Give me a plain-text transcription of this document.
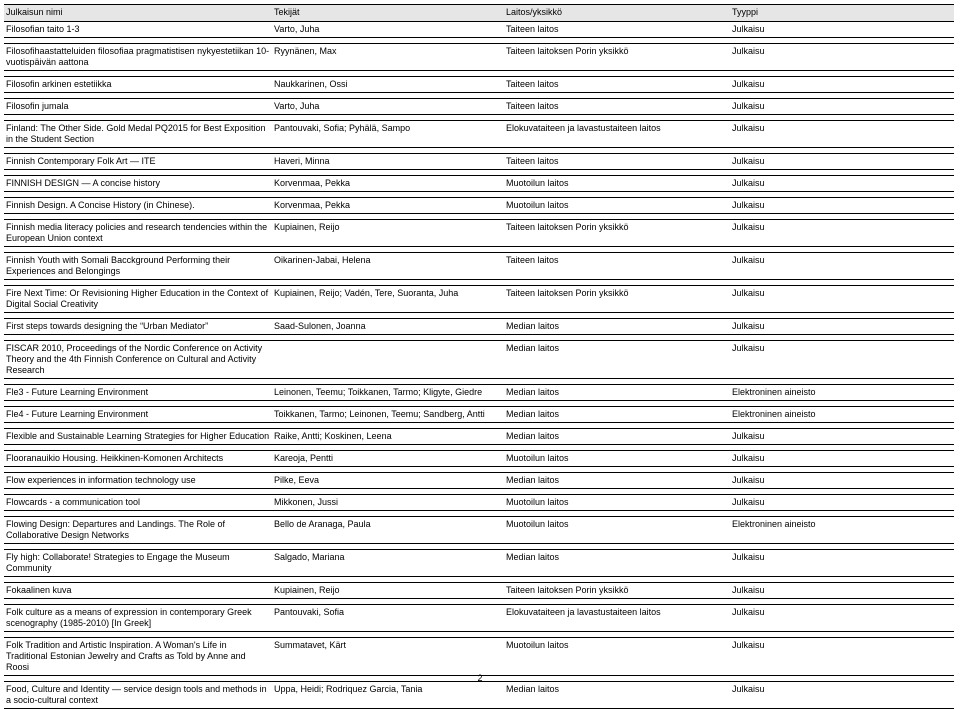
Julkaisun nimi	Tekijät	Laitos/yksikkö	Tyyppi
Filosofian taito 1-3	Varto, Juha	Taiteen laitos	Julkaisu

Filosofihaastatteluiden filosofiaa pragmatistisen nykyestetiikan 10-vuotispäivän aattona	Ryynänen, Max	Taiteen laitoksen Porin yksikkö	Julkaisu

Filosofin arkinen estetiikka	Naukkarinen, Ossi	Taiteen laitos	Julkaisu

Filosofin jumala	Varto, Juha	Taiteen laitos	Julkaisu

Finland: The Other Side. Gold Medal PQ2015 for Best Exposition in the Student Section	Pantouvaki, Sofia; Pyhälä, Sampo	Elokuvataiteen ja lavastustaiteen laitos	Julkaisu

Finnish Contemporary Folk Art ― ITE	Haveri, Minna	Taiteen laitos	Julkaisu

FINNISH DESIGN ― A concise history	Korvenmaa, Pekka	Muotoilun laitos	Julkaisu

Finnish Design. A Concise History (in Chinese).	Korvenmaa, Pekka	Muotoilun laitos	Julkaisu

Finnish media literacy policies and research tendencies within the European Union context	Kupiainen, Reijo	Taiteen laitoksen Porin yksikkö	Julkaisu

Finnish Youth with Somali Bacckground Performing their Experiences and Belongings	Oikarinen-Jabai, Helena	Taiteen laitos	Julkaisu

Fire Next Time: Or Revisioning Higher Education in the Context of Digital Social Creativity	Kupiainen, Reijo; Vadén, Tere, Suoranta, Juha	Taiteen laitoksen Porin yksikkö	Julkaisu

First steps towards designing the “Urban Mediator”	Saad-Sulonen, Joanna	Median laitos	Julkaisu

FISCAR 2010, Proceedings of the Nordic Conference on Activity Theory and the 4th Finnish Conference on Cultural and Activity Research		Median laitos	Julkaisu

Fle3 - Future Learning Environment	Leinonen, Teemu; Toikkanen, Tarmo; Kligyte, Giedre	Median laitos	Elektroninen aineisto

Fle4 - Future Learning Environment	Toikkanen, Tarmo; Leinonen, Teemu; Sandberg, Antti	Median laitos	Elektroninen aineisto

Flexible and Sustainable Learning Strategies for Higher Education	Raike, Antti; Koskinen, Leena	Median laitos	Julkaisu

Flooranauikio Housing. Heikkinen-Komonen Architects	Kareoja, Pentti	Muotoilun laitos	Julkaisu

Flow experiences in information technology use	Pilke, Eeva	Median laitos	Julkaisu

Flowcards - a communication tool	Mikkonen, Jussi	Muotoilun laitos	Julkaisu

Flowing Design: Departures and Landings. The Role of Collaborative Design Networks	Bello de Aranaga, Paula	Muotoilun laitos	Elektroninen aineisto

Fly high: Collaborate! Strategies to Engage the Museum Community	Salgado, Mariana	Median laitos	Julkaisu

Fokaalinen kuva	Kupiainen, Reijo	Taiteen laitoksen Porin yksikkö	Julkaisu

Folk culture as a means of expression in contemporary Greek scenography (1985-2010) [In Greek]	Pantouvaki, Sofia	Elokuvataiteen ja lavastustaiteen laitos	Julkaisu

Folk Tradition and Artistic Inspiration. A Woman's Life in Traditional Estonian Jewelry and Crafts as Told by Anne and Roosi	Summatavet, Kärt	Muotoilun laitos	Julkaisu

Food, Culture and Identity ― service design tools and methods in a socio-cultural context	Uppa, Heidi; Rodriquez Garcia, Tania	Median laitos	Julkaisu
2
